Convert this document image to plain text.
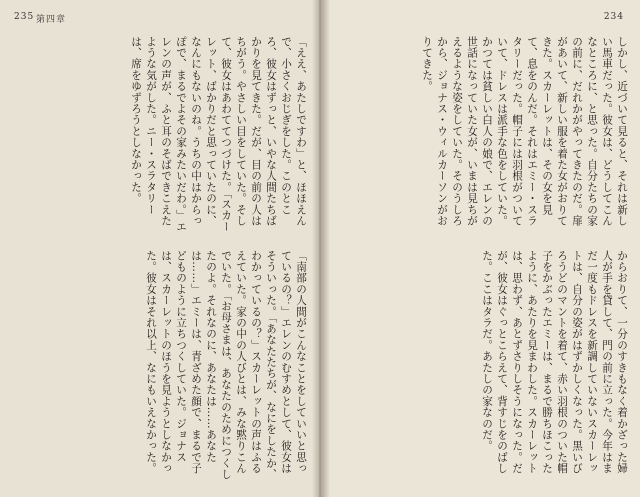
235 第四章
「ええ、あたしですわ」と、ほほえんで、小さくおじぎをした。このところ、彼女はずっと、いやな人間たちばかりを見てきた。だが、目の前の人はちがう。やさしい目をしていた。そして、彼女はあわててつづけた。「スカーレット、ばかりだと思っていたのに、なんにもないのね。うちの中はからっぽで、まるでよその家みたいだわ。」エレンの声が、ふと耳のそばできこえたような気がした。ニー・スラタリーは、席をゆずろうとしなかった。
「南部の人間がこんなことをしていいと思っているの？」エレンのむすめとして、彼女はそういった。「あなたたちが、なにをしたか、わかっているの？」スカーレットの声はふるえていた。家の中の人びとは、みな黙りこんでいた。「お母さまは、あなたのためにつくしたのよ。それなのに、あなたは……あなたは……」エミーは、青ざめた顔で、まるで子どものように立ちつくしていた。ジョナスは、スカーレットのほうを見ようとしなかった。彼女はそれ以上、なにもいえなかった。
234
しかし、近づいて見ると、それは新しい馬車だった。彼女は、どうしてこんなところに、と思った。自分たちの家の前に、だれかがやってきたのだ。扉があいて、新しい服を着た女がおりてきた。スカーレットは、その女を見て、息をのんだ。それはエミー・スラタリーだった。帽子には羽根がついていて、ドレスは派手な色をしていた。かつては貧しい白人の娘で、エレンの世話になっていた女が、いまは見ちがえるような姿をしていた。そのうしろから、ジョナス・ウィルカーソンがおりてきた。
からおりて、一分のすきもなく着かざった婦人が手を貸して、門の前に立った。今年はまだ一度もドレスを新調していないスカーレットは、自分の姿がはずかしくなった。黒いびろうどのマントを着て、赤い羽根のついた帽子をかぶったエミーは、まるで勝ちほこったように、あたりを見まわした。スカーレットは、思わず、あとずさりしそうになった。だが、彼女はぐっとこらえて、背すじをのばした。ここはタラだ。あたしの家なのだ。
